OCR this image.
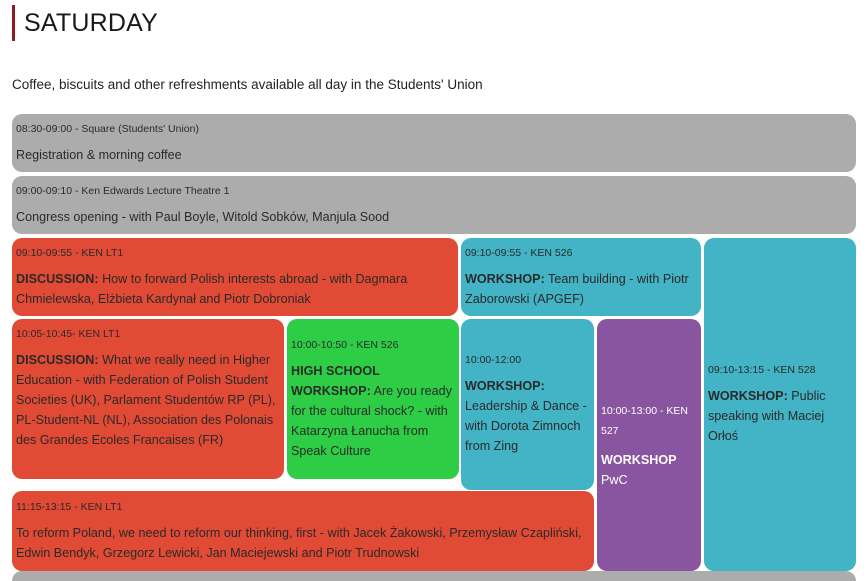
SATURDAY
Coffee, biscuits and other refreshments available all day in the Students' Union
08:30-09:00 - Square (Students' Union)
Registration & morning coffee
09:00-09:10 - Ken Edwards Lecture Theatre 1
Congress opening - with Paul Boyle, Witold Sobków, Manjula Sood
09:10-09:55 - KEN LT1
DISCUSSION: How to forward Polish interests abroad - with Dagmara Chmielewska, Elżbieta Kardynał and Piotr Dobroniak
09:10-09:55 - KEN 526
WORKSHOP: Team building - with Piotr Zaborowski (APGEF)
09:10-13:15 - KEN 528
WORKSHOP: Public speaking with Maciej Orłoś
10:05-10:45- KEN LT1
DISCUSSION: What we really need in Higher Education - with Federation of Polish Student Societies (UK), Parlament Studentów RP (PL), PL-Student-NL (NL), Association des Polonais des Grandes Ecoles Francaises (FR)
10:00-10:50 - KEN 526
HIGH SCHOOL WORKSHOP: Are you ready for the cultural shock? - with Katarzyna Łanucha from Speak Culture
10:00-12:00
WORKSHOP: Leadership & Dance - with Dorota Zimnoch from Zing
10:00-13:00 - KEN 527
WORKSHOP
PwC
11:15-13:15 - KEN LT1
To reform Poland, we need to reform our thinking, first - with Jacek Żakowski, Przemysław Czapliński, Edwin Bendyk, Grzegorz Lewicki, Jan Maciejewski and Piotr Trudnowski
